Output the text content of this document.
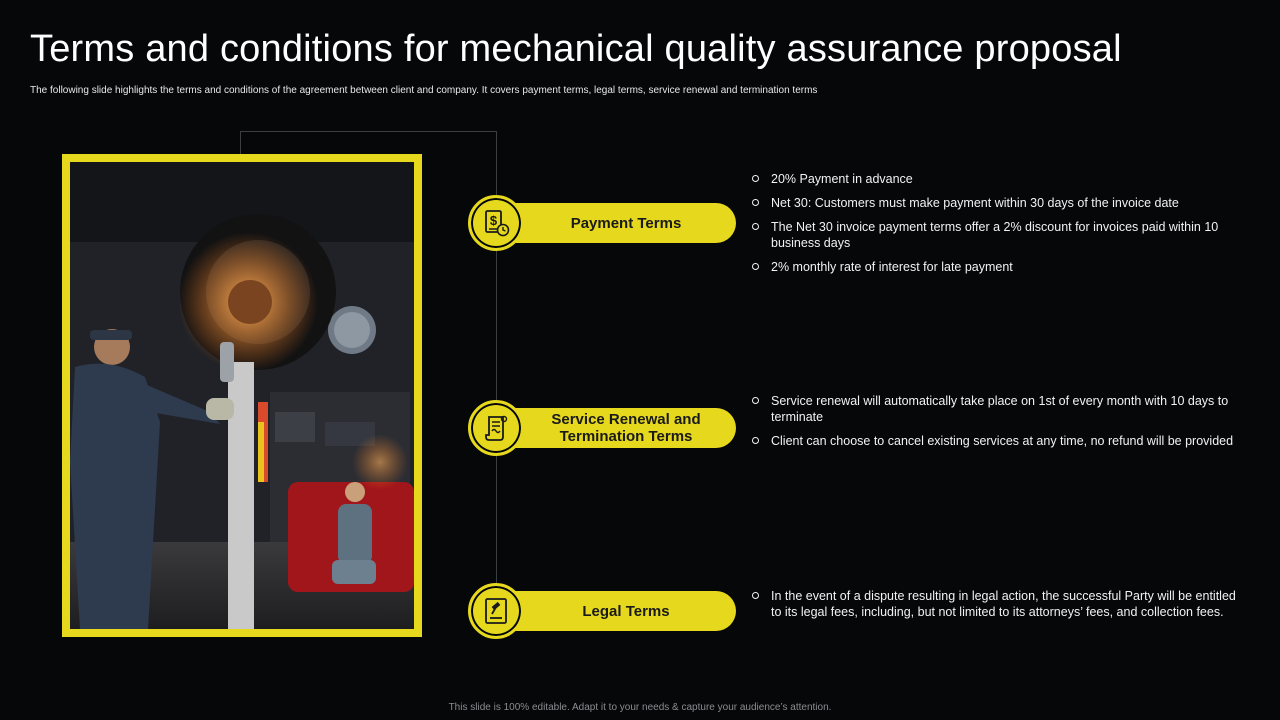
Terms and conditions for mechanical quality assurance proposal

The following slide highlights the terms and conditions of the agreement between client and company. It covers payment terms, legal terms, service renewal and termination terms

Payment Terms
$
20% Payment in advance
Net 30: Customers must make payment within 30 days of the invoice date
The Net 30 invoice payment terms offer a 2% discount for invoices paid within 10 business days
2% monthly rate of interest for late payment
Service Renewal and Termination Terms
Service renewal will automatically take place on 1st of every month with 10 days to terminate
Client can choose to cancel existing services at any time, no refund will be provided
Legal Terms
In the event of a dispute resulting in legal action, the successful Party will be entitled to its legal fees, including, but not limited to its attorneys’ fees, and collection fees.
This slide is 100% editable. Adapt it to your needs & capture your audience’s attention.
